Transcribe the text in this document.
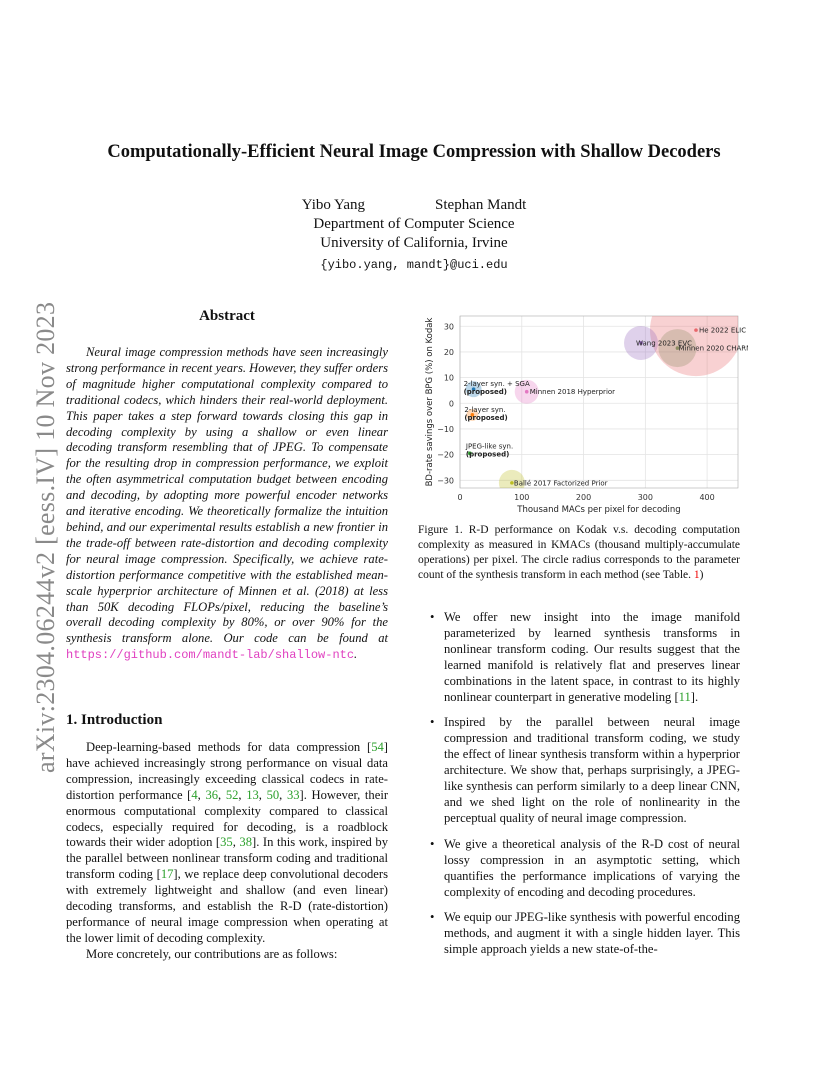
arXiv:2304.06244v2 [eess.IV] 10 Nov 2023
Computationally-Efficient Neural Image Compression with Shallow Decoders
Yibo Yang	Stephan Mandt
Department of Computer Science
University of California, Irvine
{yibo.yang, mandt}@uci.edu
Abstract
Neural image compression methods have seen increasingly strong performance in recent years. However, they suffer orders of magnitude higher computational complexity compared to traditional codecs, which hinders their real-world deployment. This paper takes a step forward towards closing this gap in decoding complexity by using a shallow or even linear decoding transform resembling that of JPEG. To compensate for the resulting drop in compression performance, we exploit the often asymmetrical computation budget between encoding and decoding, by adopting more powerful encoder networks and iterative encoding. We theoretically formalize the intuition behind, and our experimental results establish a new frontier in the trade-off between rate-distortion and decoding complexity for neural image compression. Specifically, we achieve rate-distortion performance competitive with the established mean-scale hyperprior architecture of Minnen et al. (2018) at less than 50K decoding FLOPs/pixel, reducing the baseline’s overall decoding complexity by 80%, or over 90% for the synthesis transform alone. Our code can be found at https://github.com/mandt-lab/shallow-ntc.
1. Introduction

Deep-learning-based methods for data compression [54] have achieved increasingly strong performance on visual data compression, increasingly exceeding classical codecs in rate-distortion performance [4, 36, 52, 13, 50, 33]. However, their enormous computational complexity compared to classical codecs, especially required for decoding, is a roadblock towards their wider adoption [35, 38]. In this work, inspired by the parallel between nonlinear transform coding and traditional transform coding [17], we replace deep convolutional decoders with extremely lightweight and shallow (and even linear) decoding transforms, and establish the R-D (rate-distortion) performance of neural image compression when operating at the lower limit of decoding complexity.

More concretely, our contributions are as follows:

0	100	200	300	400
30
20
10
0
−10
−20
−30
He 2022 ELIC
Wang 2023 EVC
Minnen 2020 CHARM
Minnen 2018 Hyperprior
Ballé 2017 Factorized Prior
2-layer syn. + SGA
(proposed)
2-layer syn.
(proposed)
JPEG-like syn.
(proposed)
Thousand MACs per pixel for decoding
BD-rate savings over BPG (%) on Kodak
Figure 1. R-D performance on Kodak v.s. decoding computation complexity as measured in KMACs (thousand multiply-accumulate operations) per pixel. The circle radius corresponds to the parameter count of the synthesis transform in each method (see Table. 1)
• We offer new insight into the image manifold parameterized by learned synthesis transforms in nonlinear transform coding. Our results suggest that the learned manifold is relatively flat and preserves linear combinations in the latent space, in contrast to its highly nonlinear counterpart in generative modeling [11].
• Inspired by the parallel between neural image compression and traditional transform coding, we study the effect of linear synthesis transform within a hyperprior architecture. We show that, perhaps surprisingly, a JPEG-like synthesis can perform similarly to a deep linear CNN, and we shed light on the role of nonlinearity in the perceptual quality of neural image compression.
• We give a theoretical analysis of the R-D cost of neural lossy compression in an asymptotic setting, which quantifies the performance implications of varying the complexity of encoding and decoding procedures.
• We equip our JPEG-like synthesis with powerful encoding methods, and augment it with a single hidden layer. This simple approach yields a new state-of-the-
